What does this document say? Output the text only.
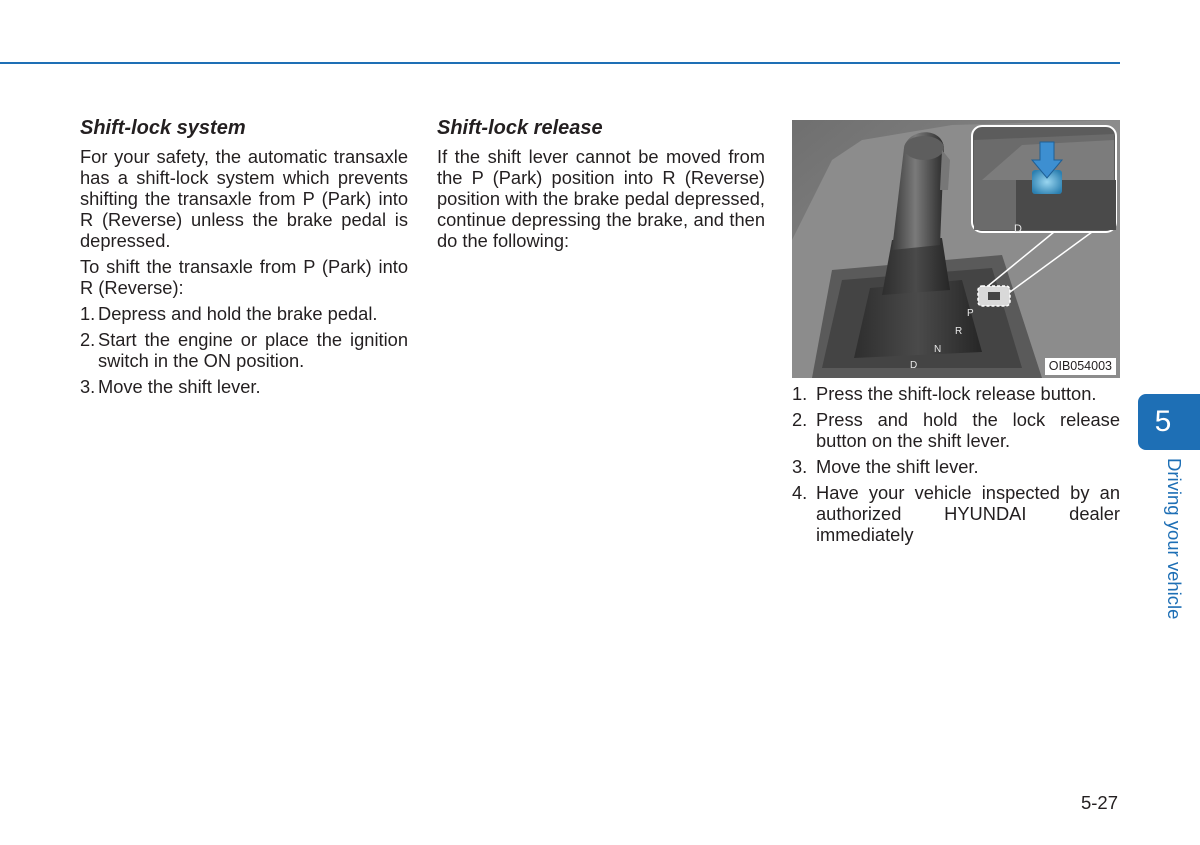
Shift-lock system

For your safety, the automatic transaxle has a shift-lock system which prevents shifting the transaxle from P (Park) into R (Reverse) unless the brake pedal is depressed.

To shift the transaxle from P (Park) into R (Reverse):

1. Depress and hold the brake pedal.
2. Start the engine or place the ignition switch in the ON position.
3. Move the shift lever.
Shift-lock release

If the shift lever cannot be moved from the P (Park) position into R (Reverse) position with the brake pedal depressed, continue depressing the brake, and then do the following:

P
R
N
D
D
OIB054003
1. Press the shift-lock release button.
2. Press and hold the lock release button on the shift lever.
3. Move the shift lever.
4. Have your vehicle inspected by an authorized HYUNDAI dealer immediately
5
Driving your vehicle
5-27
